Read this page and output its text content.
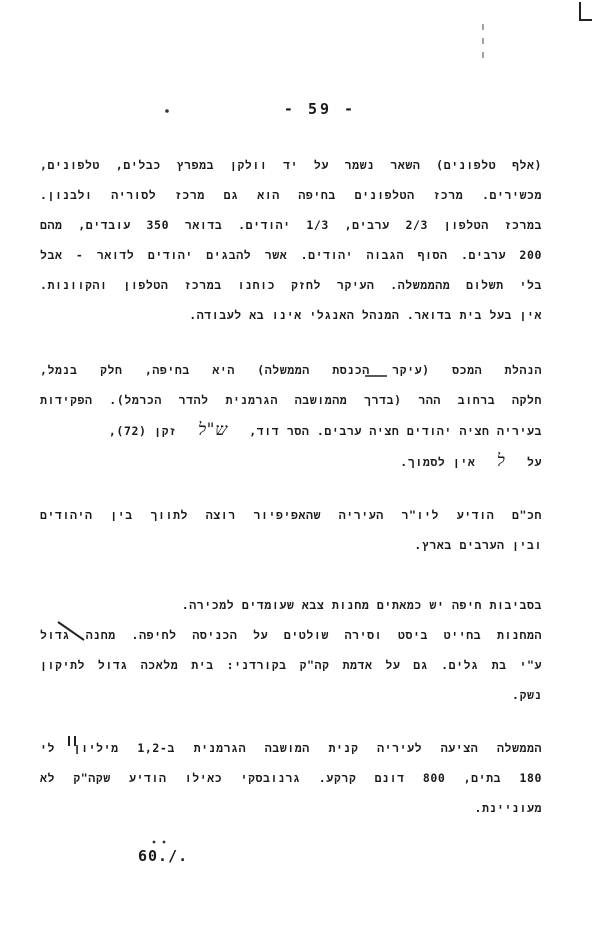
- 59 -
(אלף טלפונים) השאר נשמר על יד וולקן במפרץ כבלים, טלפונים,
מכשירים. מרכז הטלפונים בחיפה הוא גם מרכז לסוריה ולבנון.
במרכז הטלפון 2/3 ערבים, 1/3 יהודים. בדואר 350 עובדים, מהם
200 ערבים. הסוף הגבוה יהודים. אשר להבגים יהודים לדואר - אבל
בלי תשלום מהממשלה. העיקר לחזק כוחנו במרכז הטלפון והקוונות.
אין בעל בית בדואר. המנהל האנגלי אינו בא לעבודה.
הנהלת המכס (עיקר הכנסת הממשלה) היא בחיפה, חלק בנמל,
חלקה ברחוב ההר (בדרך מהמושבה הגרמנית להדר הכרמל). הפקידות
בעיריה חציה יהודים חציה ערבים. הסר דוד, ש"ל זקן (72),
על ל אין לסמוך.
חכ"ם הודיע ליו"ר העיריה שהאפיפיור רוצה לתווך בין היהודים
ובין הערבים בארץ.
בסביבות חיפה יש כמאתים מחנות צבא שעומדים למכירה.
המחנות בחייט ביסט וסירה שולטים על הכניסה לחיפה. מחנה גדול
ע"י בת גלים. גם על אדמת קה"ק בקורדני: בית מלאכה גדול לתיקון
נשק.
הממשלה הציעה לעיריה קנית המושבה הגרמנית ב-1,2 מיליון לי
180 בתים, 800 דונם קרקע. גרנובסקי כאילו הודיע שקה"ק לא
מעוניינת.
60./.
